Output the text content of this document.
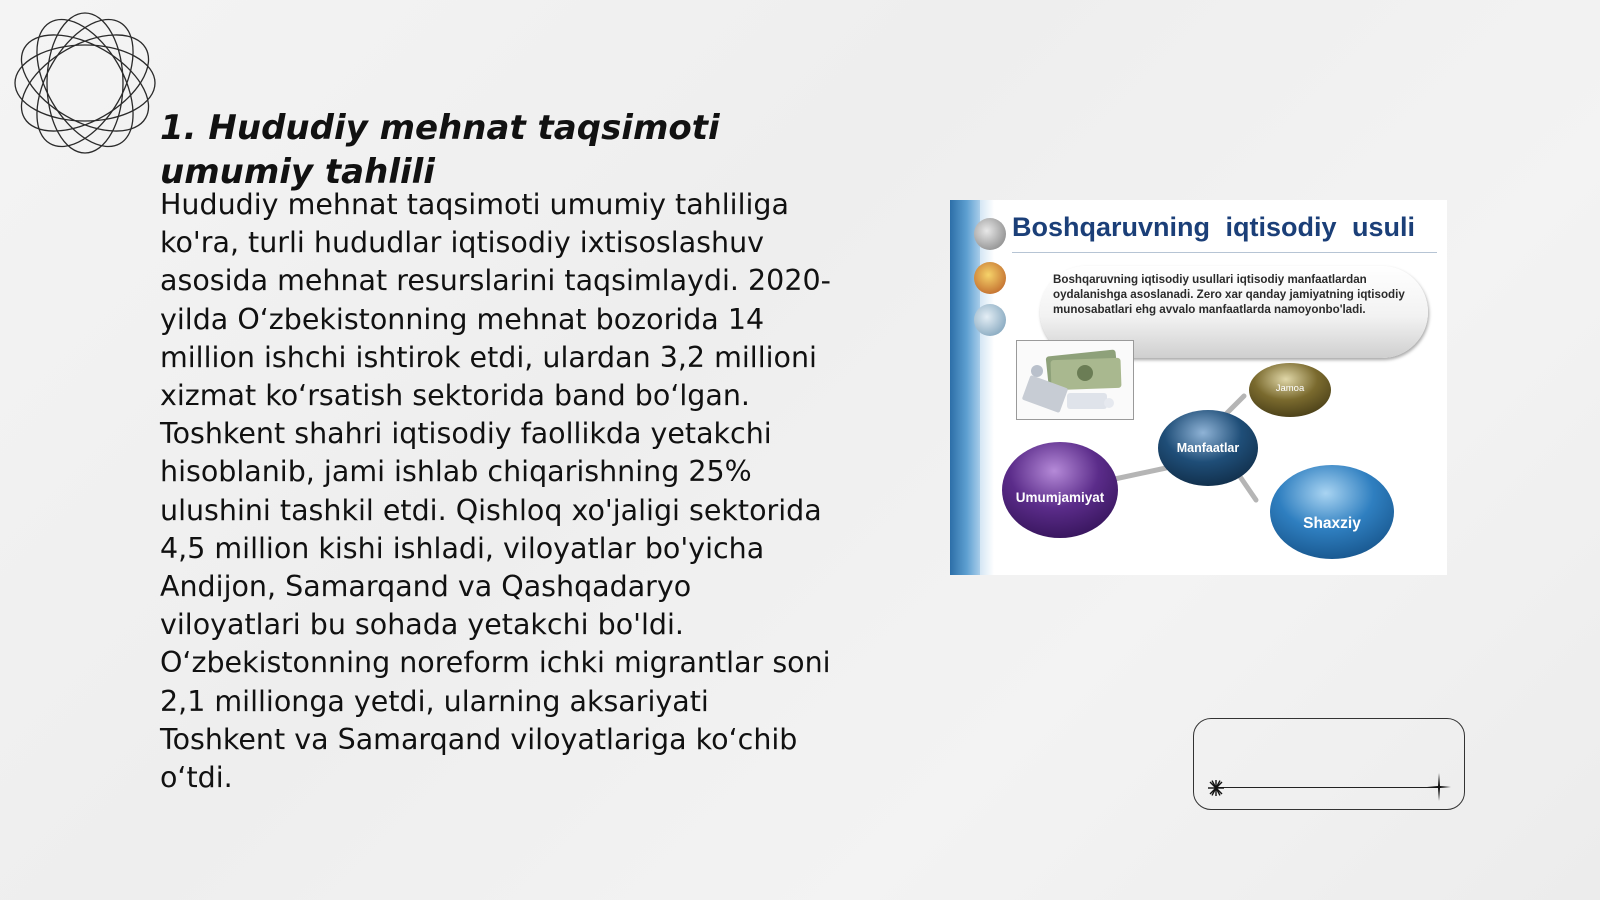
1. Hududiy mehnat taqsimoti umumiy tahlili

Hududiy mehnat taqsimoti umumiy tahliliga ko'ra, turli hududlar iqtisodiy ixtisoslashuv asosida mehnat resurslarini taqsimlaydi. 2020-yilda O‘zbekistonning mehnat bozorida 14 million ishchi ishtirok etdi, ulardan 3,2 millioni xizmat ko‘rsatish sektorida band bo‘lgan. Toshkent shahri iqtisodiy faollikda yetakchi hisoblanib, jami ishlab chiqarishning 25% ulushini tashkil etdi. Qishloq xo'jaligi sektorida 4,5 million kishi ishladi, viloyatlar bo'yicha Andijon, Samarqand va Qashqadaryo viloyatlari bu sohada yetakchi bo'ldi. O‘zbekistonning noreform ichki migrantlar soni 2,1 millionga yetdi, ularning aksariyati Toshkent va Samarqand viloyatlariga ko‘chib o‘tdi.

Boshqaruvning iqtisodiy usuli

Boshqaruvning iqtisodiy usullari iqtisodiy manfaatlardan oydalanishga asoslanadi. Zero xar qanday jamiyatning iqtisodiy munosabatlari ehg avvalo manfaatlarda namoyonbo'ladi.

Umumjamiyat
Manfaatlar
Jamoa
Shaxziy
